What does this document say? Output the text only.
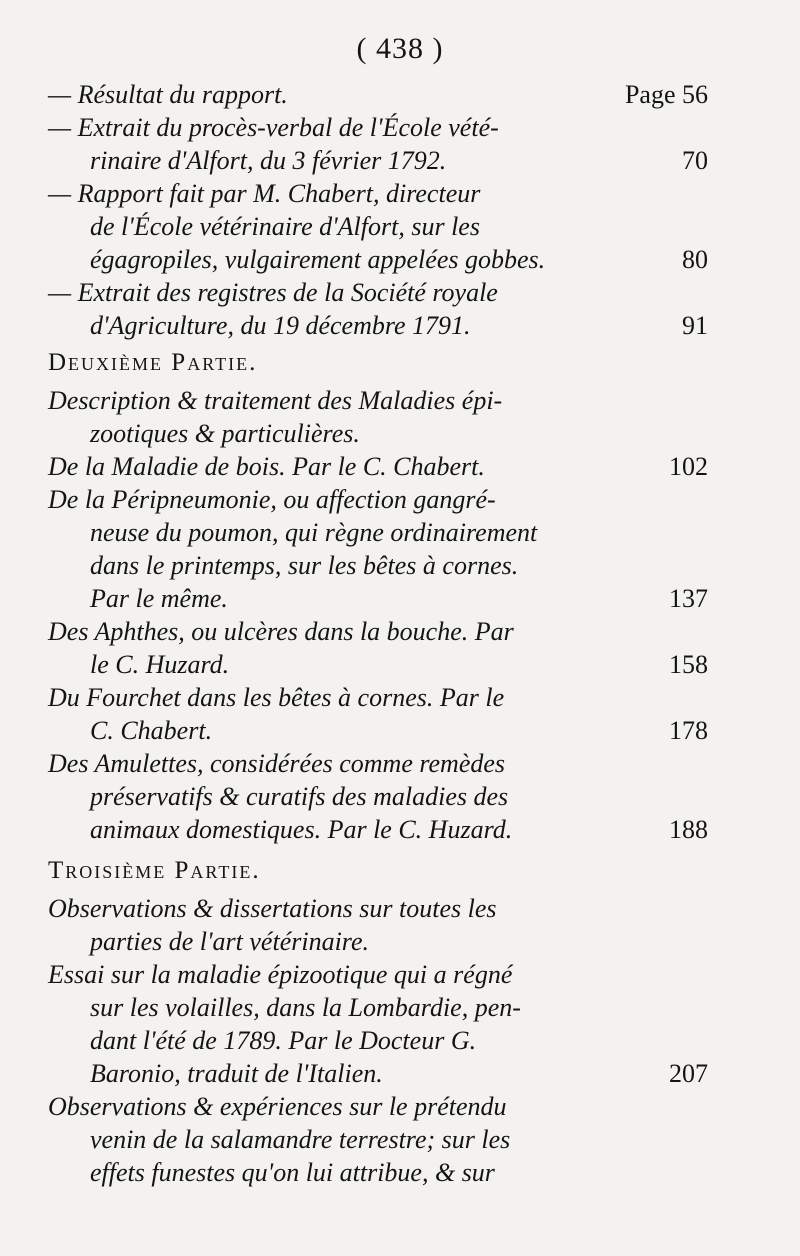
( 438 )
— Résultat du rapport.	Page 56
— Extrait du procès-verbal de l'École vété-
rinaire d'Alfort, du 3 février 1792.	70
— Rapport fait par M. Chabert, directeur
de l'École vétérinaire d'Alfort, sur les
égagropiles, vulgairement appelées gobbes.	80
— Extrait des registres de la Société royale
d'Agriculture, du 19 décembre 1791.	91
Deuxième Partie.
Description & traitement des Maladies épi-
zootiques & particulières.
De la Maladie de bois. Par le C. Chabert.	102
De la Péripneumonie, ou affection gangré-
neuse du poumon, qui règne ordinairement
dans le printemps, sur les bêtes à cornes.
Par le même.	137
Des Aphthes, ou ulcères dans la bouche. Par
le C. Huzard.	158
Du Fourchet dans les bêtes à cornes. Par le
C. Chabert.	178
Des Amulettes, considérées comme remèdes
préservatifs & curatifs des maladies des
animaux domestiques. Par le C. Huzard.	188
Troisième Partie.
Observations & dissertations sur toutes les
parties de l'art vétérinaire.
Essai sur la maladie épizootique qui a régné
sur les volailles, dans la Lombardie, pen-
dant l'été de 1789. Par le Docteur G.
Baronio, traduit de l'Italien.	207
Observations & expériences sur le prétendu
venin de la salamandre terrestre; sur les
effets funestes qu'on lui attribue, & sur
